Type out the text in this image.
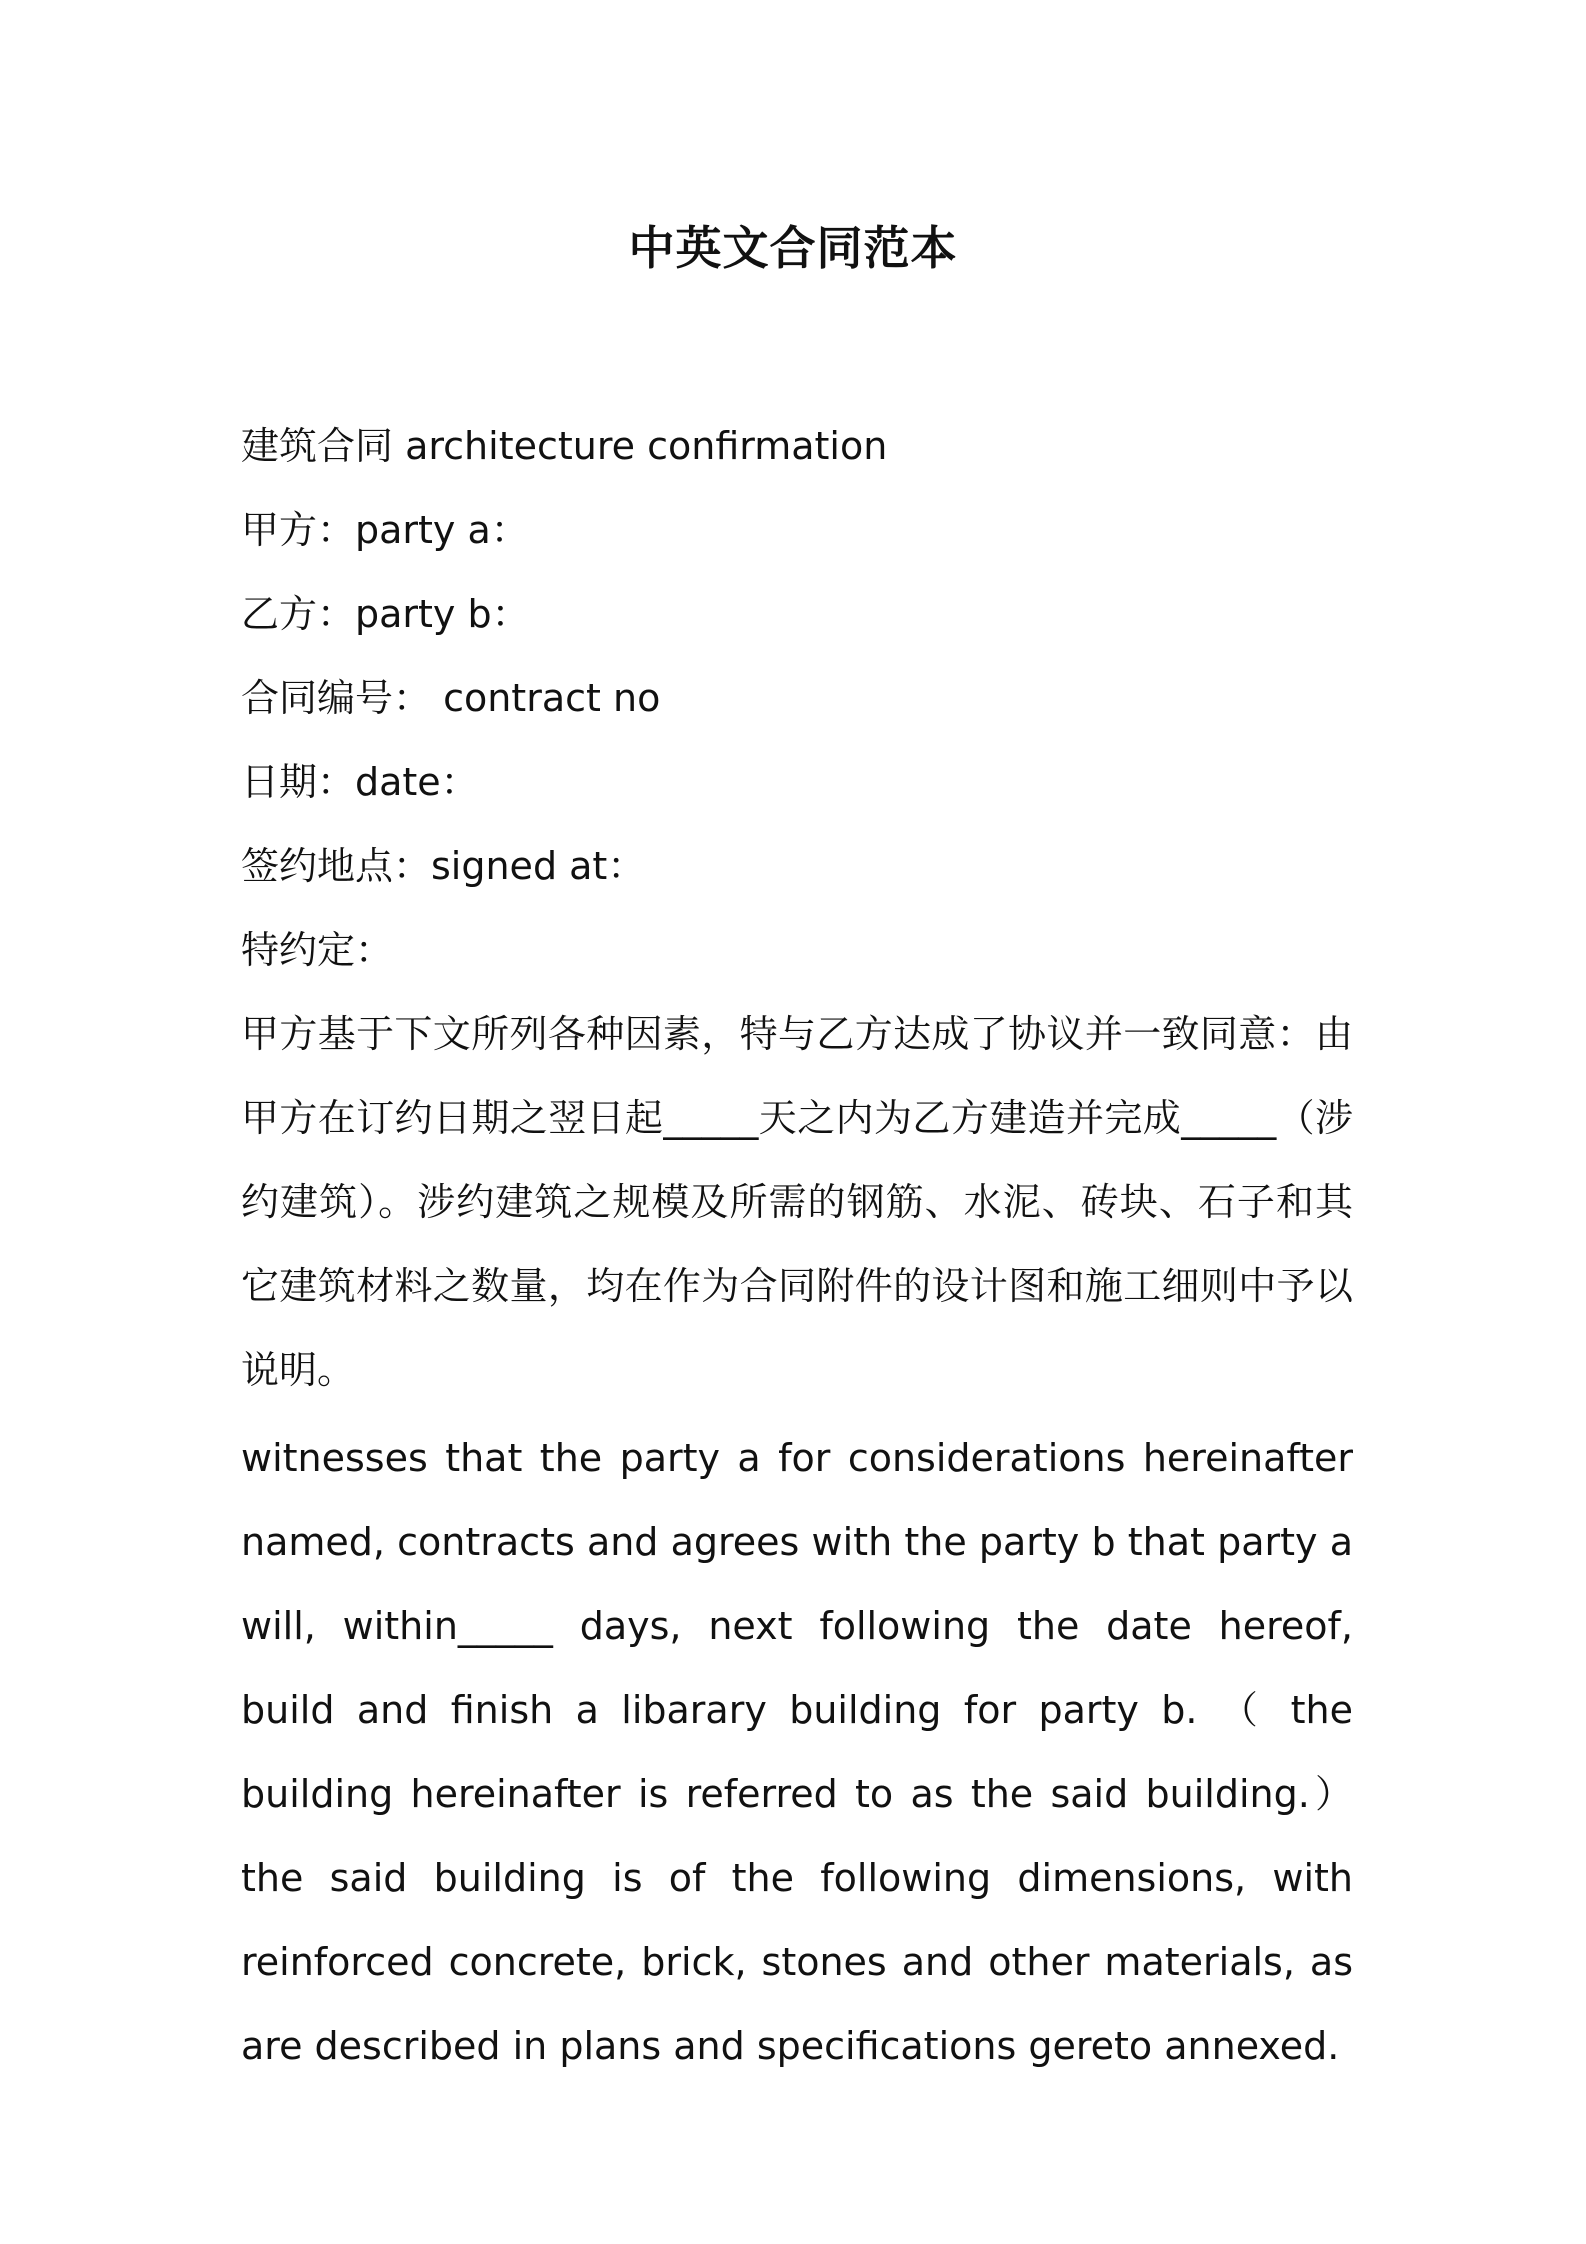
中英文合同范本
建筑合同 architecture confirmation
甲方：party a：
乙方：party b：
合同编号： contract no
日期：date：
签约地点：signed at：
特约定：

甲方基于下文所列各种因素，特与乙方达成了协议并一致同意：由甲方在订约日期之翌日起_____天之内为乙方建造并完成_____（涉约建筑）。涉约建筑之规模及所需的钢筋、水泥、砖块、石子和其它建筑材料之数量，均在作为合同附件的设计图和施工细则中予以说明。

witnesses that the party a for considerations hereinafter named, contracts and agrees with the party b that party a will, within_____ days, next following the date hereof, build and finish a libarary building for party b. （ the building hereinafter is referred to as the said building.） the said building is of the following dimensions, with reinforced concrete, brick, stones and other materials, as are described in plans and specifications gereto annexed.
